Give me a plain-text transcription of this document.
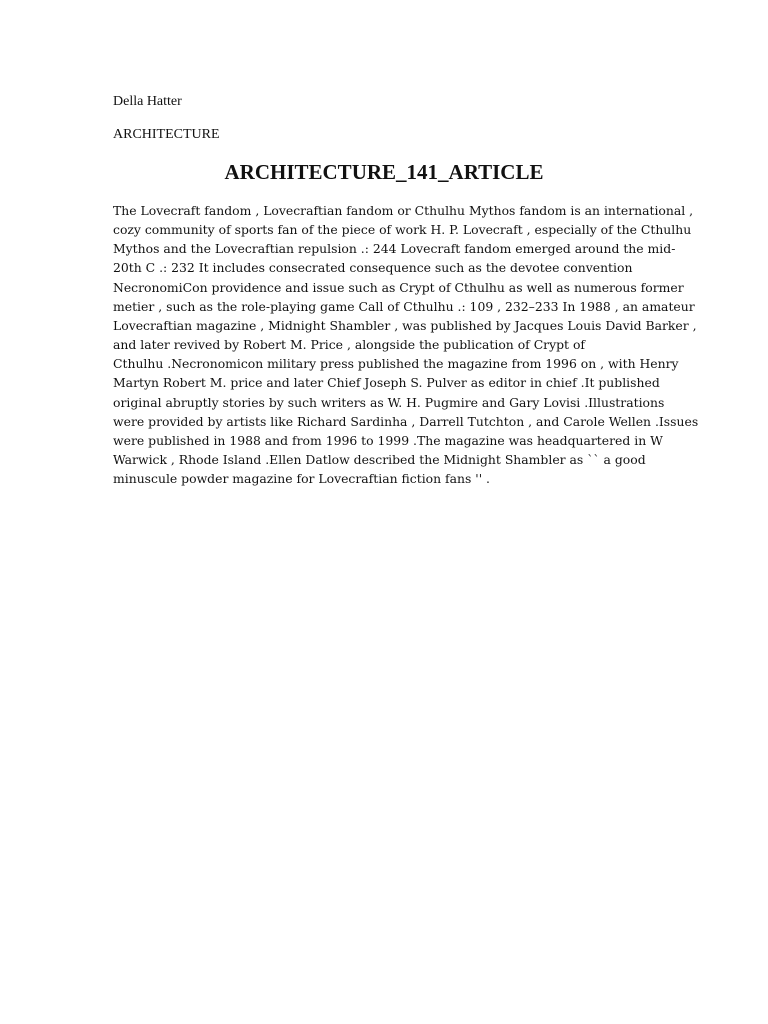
Della Hatter
ARCHITECTURE
ARCHITECTURE_141_ARTICLE
The Lovecraft fandom , Lovecraftian fandom or Cthulhu Mythos fandom is an international ,
cozy community of sports fan of the piece of work H. P. Lovecraft , especially of the Cthulhu
Mythos and the Lovecraftian repulsion .: 244 Lovecraft fandom emerged around the mid-
20th C .: 232 It includes consecrated consequence such as the devotee convention
NecronomiCon providence and issue such as Crypt of Cthulhu as well as numerous former
metier , such as the role-playing game Call of Cthulhu .: 109 , 232–233 In 1988 , an amateur
Lovecraftian magazine , Midnight Shambler , was published by Jacques Louis David Barker ,
and later revived by Robert M. Price , alongside the publication of Crypt of
Cthulhu .Necronomicon military press published the magazine from 1996 on , with Henry
Martyn Robert M. price and later Chief Joseph S. Pulver as editor in chief .It published
original abruptly stories by such writers as W. H. Pugmire and Gary Lovisi .Illustrations
were provided by artists like Richard Sardinha , Darrell Tutchton , and Carole Wellen .Issues
were published in 1988 and from 1996 to 1999 .The magazine was headquartered in W
Warwick , Rhode Island .Ellen Datlow described the Midnight Shambler as `` a good
minuscule powder magazine for Lovecraftian fiction fans '' .
